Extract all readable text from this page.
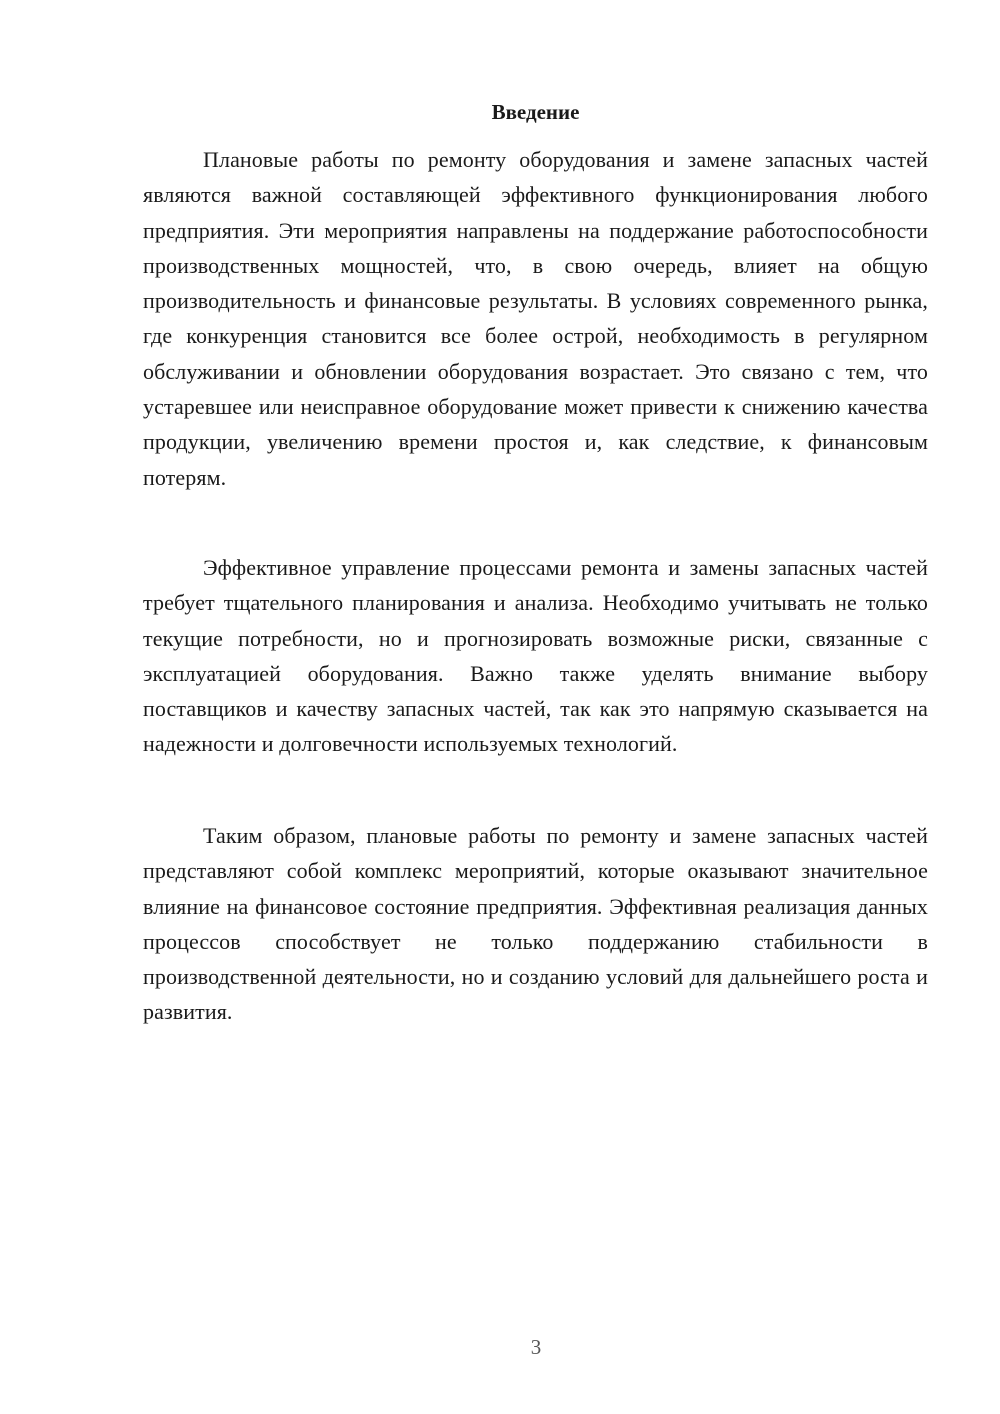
Введение

Плановые работы по ремонту оборудования и замене запасных частей являются важной составляющей эффективного функционирования любого предприятия. Эти мероприятия направлены на поддержание работоспособности производственных мощностей, что, в свою очередь, влияет на общую производительность и финансовые результаты. В условиях современного рынка, где конкуренция становится все более острой, необходимость в регулярном обслуживании и обновлении оборудования возрастает. Это связано с тем, что устаревшее или неисправное оборудование может привести к снижению качества продукции, увеличению времени простоя и, как следствие, к финансовым потерям.

Эффективное управление процессами ремонта и замены запасных частей требует тщательного планирования и анализа. Необходимо учитывать не только текущие потребности, но и прогнозировать возможные риски, связанные с эксплуатацией оборудования. Важно также уделять внимание выбору поставщиков и качеству запасных частей, так как это напрямую сказывается на надежности и долговечности используемых технологий.

Таким образом, плановые работы по ремонту и замене запасных частей представляют собой комплекс мероприятий, которые оказывают значительное влияние на финансовое состояние предприятия. Эффективная реализация данных процессов способствует не только поддержанию стабильности в производственной деятельности, но и созданию условий для дальнейшего роста и развития.

3
